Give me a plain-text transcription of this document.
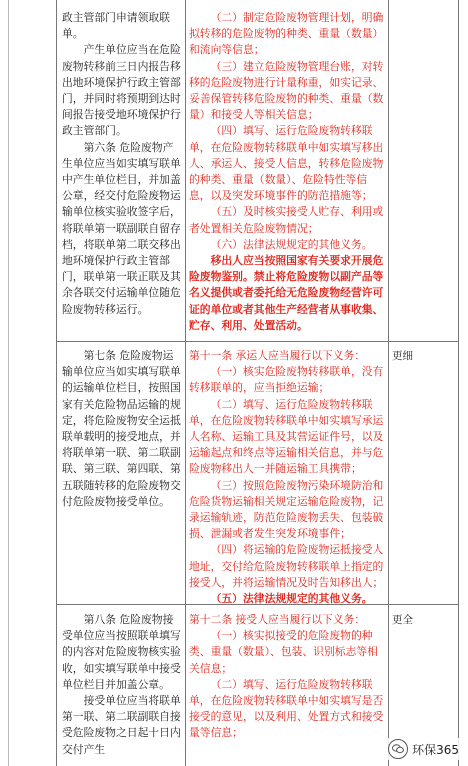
政主管部门申请领取联单。

产生单位应当在危险废物转移前三日内报告移出地环境保护行政主管部门，并同时将预期到达时间报告接受地环境保护行政主管部门。

第六条 危险废物产生单位应当如实填写联单中产生单位栏目，并加盖公章，经交付危险废物运输单位核实验收签字后，将联单第一联副联自留存档，将联单第二联交移出地环境保护行政主管部门，联单第一联正联及其余各联交付运输单位随危险废物转移运行。

（二）制定危险废物管理计划，明确拟转移的危险废物的种类、重量（数量）和流向等信息；

（三）建立危险废物管理台账，对转移的危险废物进行计量称重，如实记录、妥善保管转移危险废物的种类、重量（数量）和接受人等相关信息；

（四）填写、运行危险废物转移联单，在危险废物转移联单中如实填写移出人、承运人、接受人信息，转移危险废物的种类、重量（数量）、危险特性等信息，以及突发环境事件的防范措施等；

（五）及时核实接受人贮存、利用或者处置相关危险废物情况；

（六）法律法规规定的其他义务。

移出人应当按照国家有关要求开展危险废物鉴别。禁止将危险废物以副产品等名义提供或者委托给无危险废物经营许可证的单位或者其他生产经营者从事收集、贮存、利用、处置活动。

第七条 危险废物运输单位应当如实填写联单的运输单位栏目，按照国家有关危险物品运输的规定，将危险废物安全运抵联单载明的接受地点，并将联单第一联、第二联副联、第三联、第四联、第五联随转移的危险废物交付危险废物接受单位。

第十一条 承运人应当履行以下义务：

（一）核实危险废物转移联单，没有转移联单的，应当拒绝运输；

（二）填写、运行危险废物转移联单，在危险废物转移联单中如实填写承运人名称、运输工具及其营运证件号，以及运输起点和终点等运输相关信息，并与危险废物移出人一并随运输工具携带；

（三）按照危险废物污染环境防治和危险货物运输相关规定运输危险废物，记录运输轨迹，防范危险废物丢失、包装破损、泄漏或者发生突发环境事件；

（四）将运输的危险废物运抵接受人地址，交付给危险废物转移联单上指定的接受人，并将运输情况及时告知移出人；

（五）法律法规规定的其他义务。

更细

第八条 危险废物接受单位应当按照联单填写的内容对危险废物核实验收，如实填写联单中接受单位栏目并加盖公章。

接受单位应当将联单第一联、第二联副联自接受危险废物之日起十日内交付产生

第十二条 接受人应当履行以下义务：

（一）核实拟接受的危险废物的种类、重量（数量）、包装、识别标志等相关信息；

（二）填写、运行危险废物转移联单，在危险废物转移联单中如实填写是否接受的意见，以及利用、处置方式和接受量等信息；

更全
环保365
